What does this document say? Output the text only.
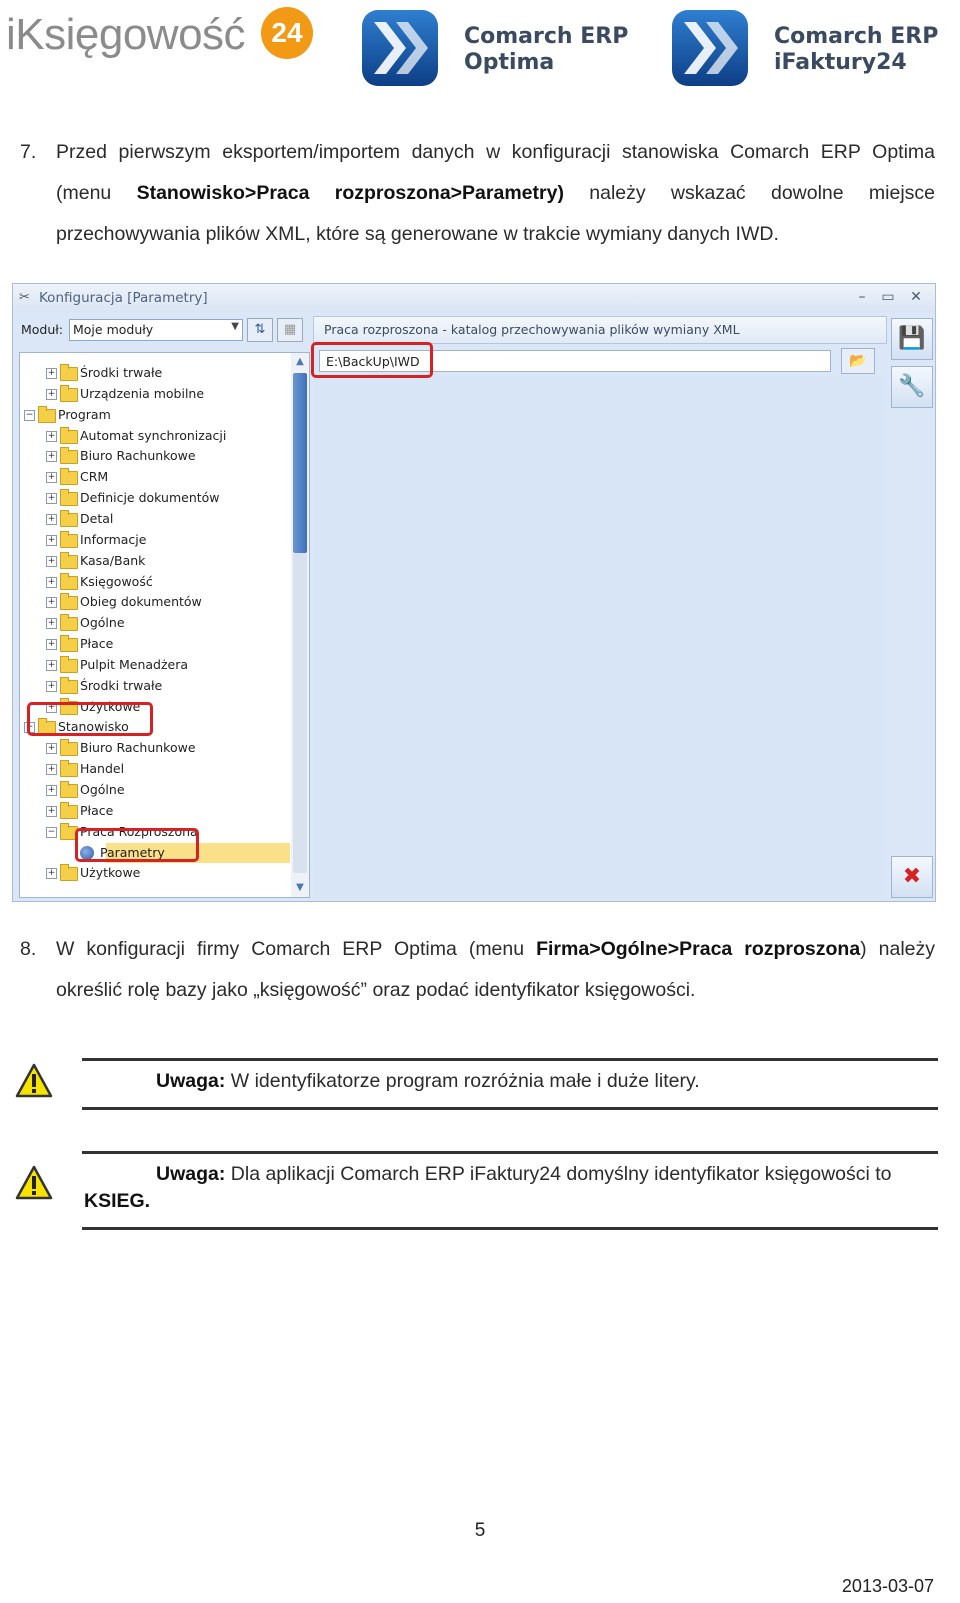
iKsięgowość 24	Comarch ERP
Optima
Comarch ERP
iFaktury24
7. Przed pierwszym eksportem/importem danych w konfiguracji stanowiska Comarch ERP Optima
(menu Stanowisko>Praca rozproszona>Parametry) należy wskazać dowolne miejsce
przechowywania plików XML, które są generowane w trakcie wymiany danych IWD.
✂ Konfiguracja [Parametry]	–	▭	✕
Moduł: Moje moduły	▼	⇅	▦
+ Środki trwałe
+ Urządzenia mobilne
− Program
+ Automat synchronizacji
+ Biuro Rachunkowe
+ CRM
+ Definicje dokumentów
+ Detal
+ Informacje
+ Kasa/Bank
+ Księgowość
+ Obieg dokumentów
+ Ogólne
+ Płace
+ Pulpit Menadżera
+ Środki trwałe
+ Użytkowe
− Stanowisko
+ Biuro Rachunkowe
+ Handel
+ Ogólne
+ Płace
− Praca Rozproszona
Parametry
+ Użytkowe
▲
▼
Praca rozproszona - katalog przechowywania plików wymiany XML
E:\BackUp\IWD	📂
💾
🔧
✖
8. W konfiguracji firmy Comarch ERP Optima (menu Firma>Ogólne>Praca rozproszona) należy
określić rolę bazy jako „księgowość” oraz podać identyfikator księgowości.
Uwaga: W identyfikatorze program rozróżnia małe i duże litery.
Uwaga: Dla aplikacji Comarch ERP iFaktury24 domyślny identyfikator księgowości to
KSIEG.
5
2013-03-07
